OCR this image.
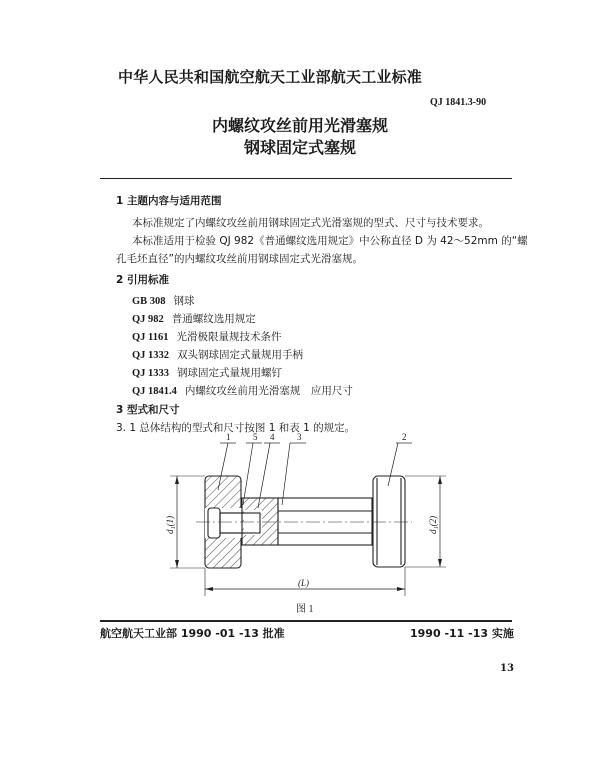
中华人民共和国航空航天工业部航天工业标准
QJ 1841.3-90
内螺纹攻丝前用光滑塞规
钢球固定式塞规
1 主题内容与适用范围
本标准规定了内螺纹攻丝前用钢球固定式光滑塞规的型式、尺寸与技术要求。
本标准适用于检验 QJ 982《普通螺纹选用规定》中公称直径 D 为 42～52mm 的“螺
孔毛坯直径”的内螺纹攻丝前用钢球固定式光滑塞规。
2 引用标准
GB 308 钢球
QJ 982 普通螺纹选用规定
QJ 1161 光滑极限量规技术条件
QJ 1332 双头钢球固定式量规用手柄
QJ 1333 钢球固定式量规用螺钉
QJ 1841.4 内螺纹攻丝前用光滑塞规　应用尺寸
3 型式和尺寸
3. 1 总体结构的型式和尺寸按图 1 和表 1 的规定。
1	5 4	3	2
d₁(1)	d₁(2)
(L)
图 1
航空航天工业部 1990 -01 -13 批准	1990 -11 -13 实施
13
